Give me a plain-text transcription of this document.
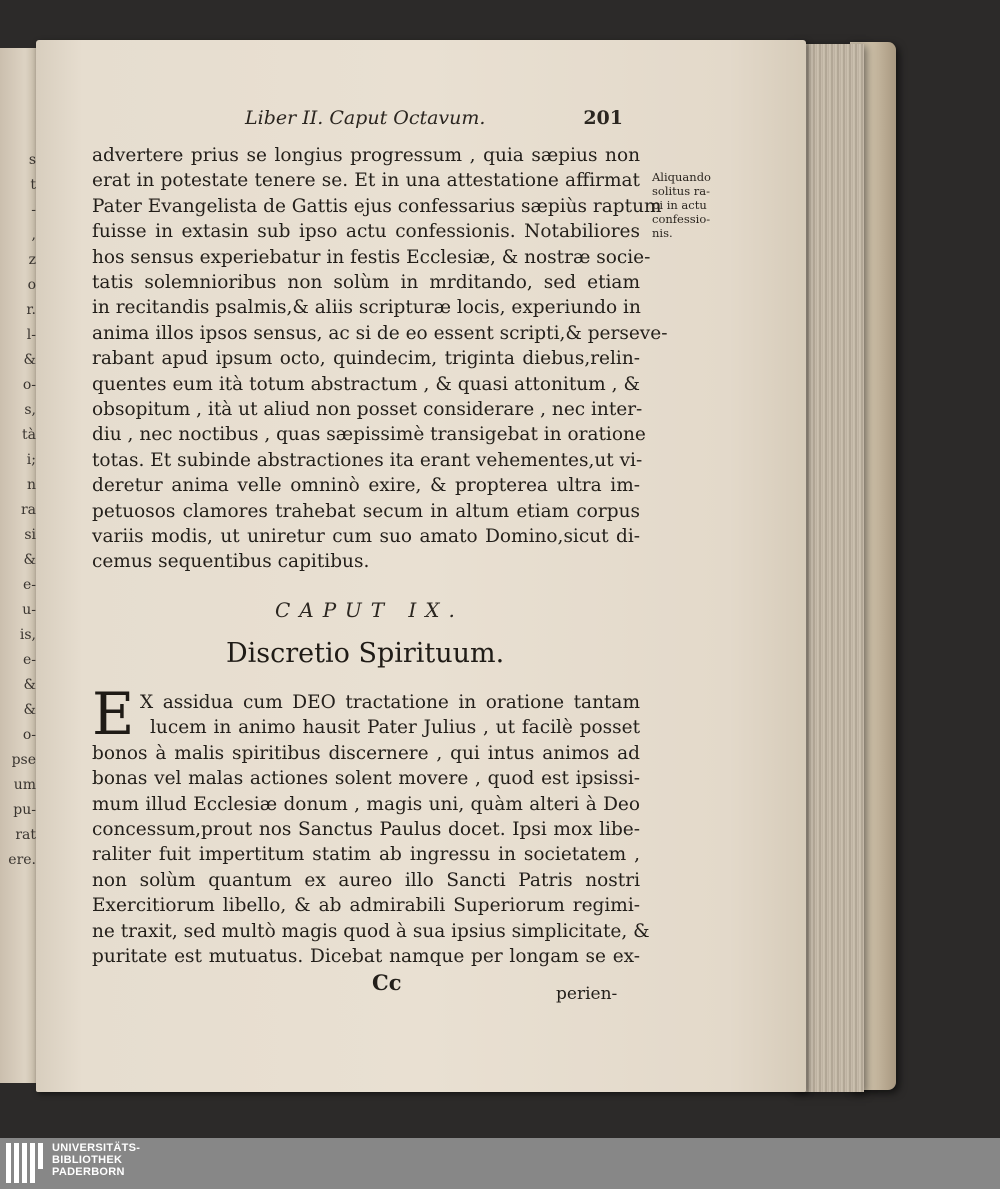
s
t
-
,
z
o
r.
l-
&
o-
s,
tà
i;
n
ra
si
&
e-
u-
is,
e-
&
&
o-
pse
um
pu-
rat
ere.
Liber II. Caput Octavum.	201
advertere prius se longius progressum , quia sæpius non
erat in potestate tenere se. Et in una attestatione affirmat
Pater Evangelista de Gattis ejus confessarius sæpiùs raptum
fuisse in extasin sub ipso actu confessionis. Notabiliores
hos sensus experiebatur in festis Ecclesiæ, & nostræ socie-
tatis solemnioribus non solùm in mrditando, sed etiam
in recitandis psalmis,& aliis scripturæ locis, experiundo in
anima illos ipsos sensus, ac si de eo essent scripti,& perseve-
rabant apud ipsum octo, quindecim, triginta diebus,relin-
quentes eum ità totum abstractum , & quasi attonitum , &
obsopitum , ità ut aliud non posset considerare , nec inter-
diu , nec noctibus , quas sæpissimè transigebat in oratione
totas. Et subinde abstractiones ita erant vehementes,ut vi-
deretur anima velle omninò exire, & propterea ultra im-
petuosos clamores trahebat secum in altum etiam corpus
variis modis, ut uniretur cum suo amato Domino,sicut di-
cemus sequentibus capitibus.
Aliquando
solitus ra-
pi in actu
confessio-
nis.
CAPUT IX.
Discretio Spirituum.
E X assidua cum DEO tractatione in oratione tantam
lucem in animo hausit Pater Julius , ut facilè posset
bonos à malis spiritibus discernere , qui intus animos ad
bonas vel malas actiones solent movere , quod est ipsissi-
mum illud Ecclesiæ donum , magis uni, quàm alteri à Deo
concessum,prout nos Sanctus Paulus docet. Ipsi mox libe-
raliter fuit impertitum statim ab ingressu in societatem ,
non solùm quantum ex aureo illo Sancti Patris nostri
Exercitiorum libello, & ab admirabili Superiorum regimi-
ne traxit, sed multò magis quod à sua ipsius simplicitate, &
puritate est mutuatus. Dicebat namque per longam se ex-
Cc	perien-
UNIVERSITÄTS-
BIBLIOTHEK
PADERBORN
